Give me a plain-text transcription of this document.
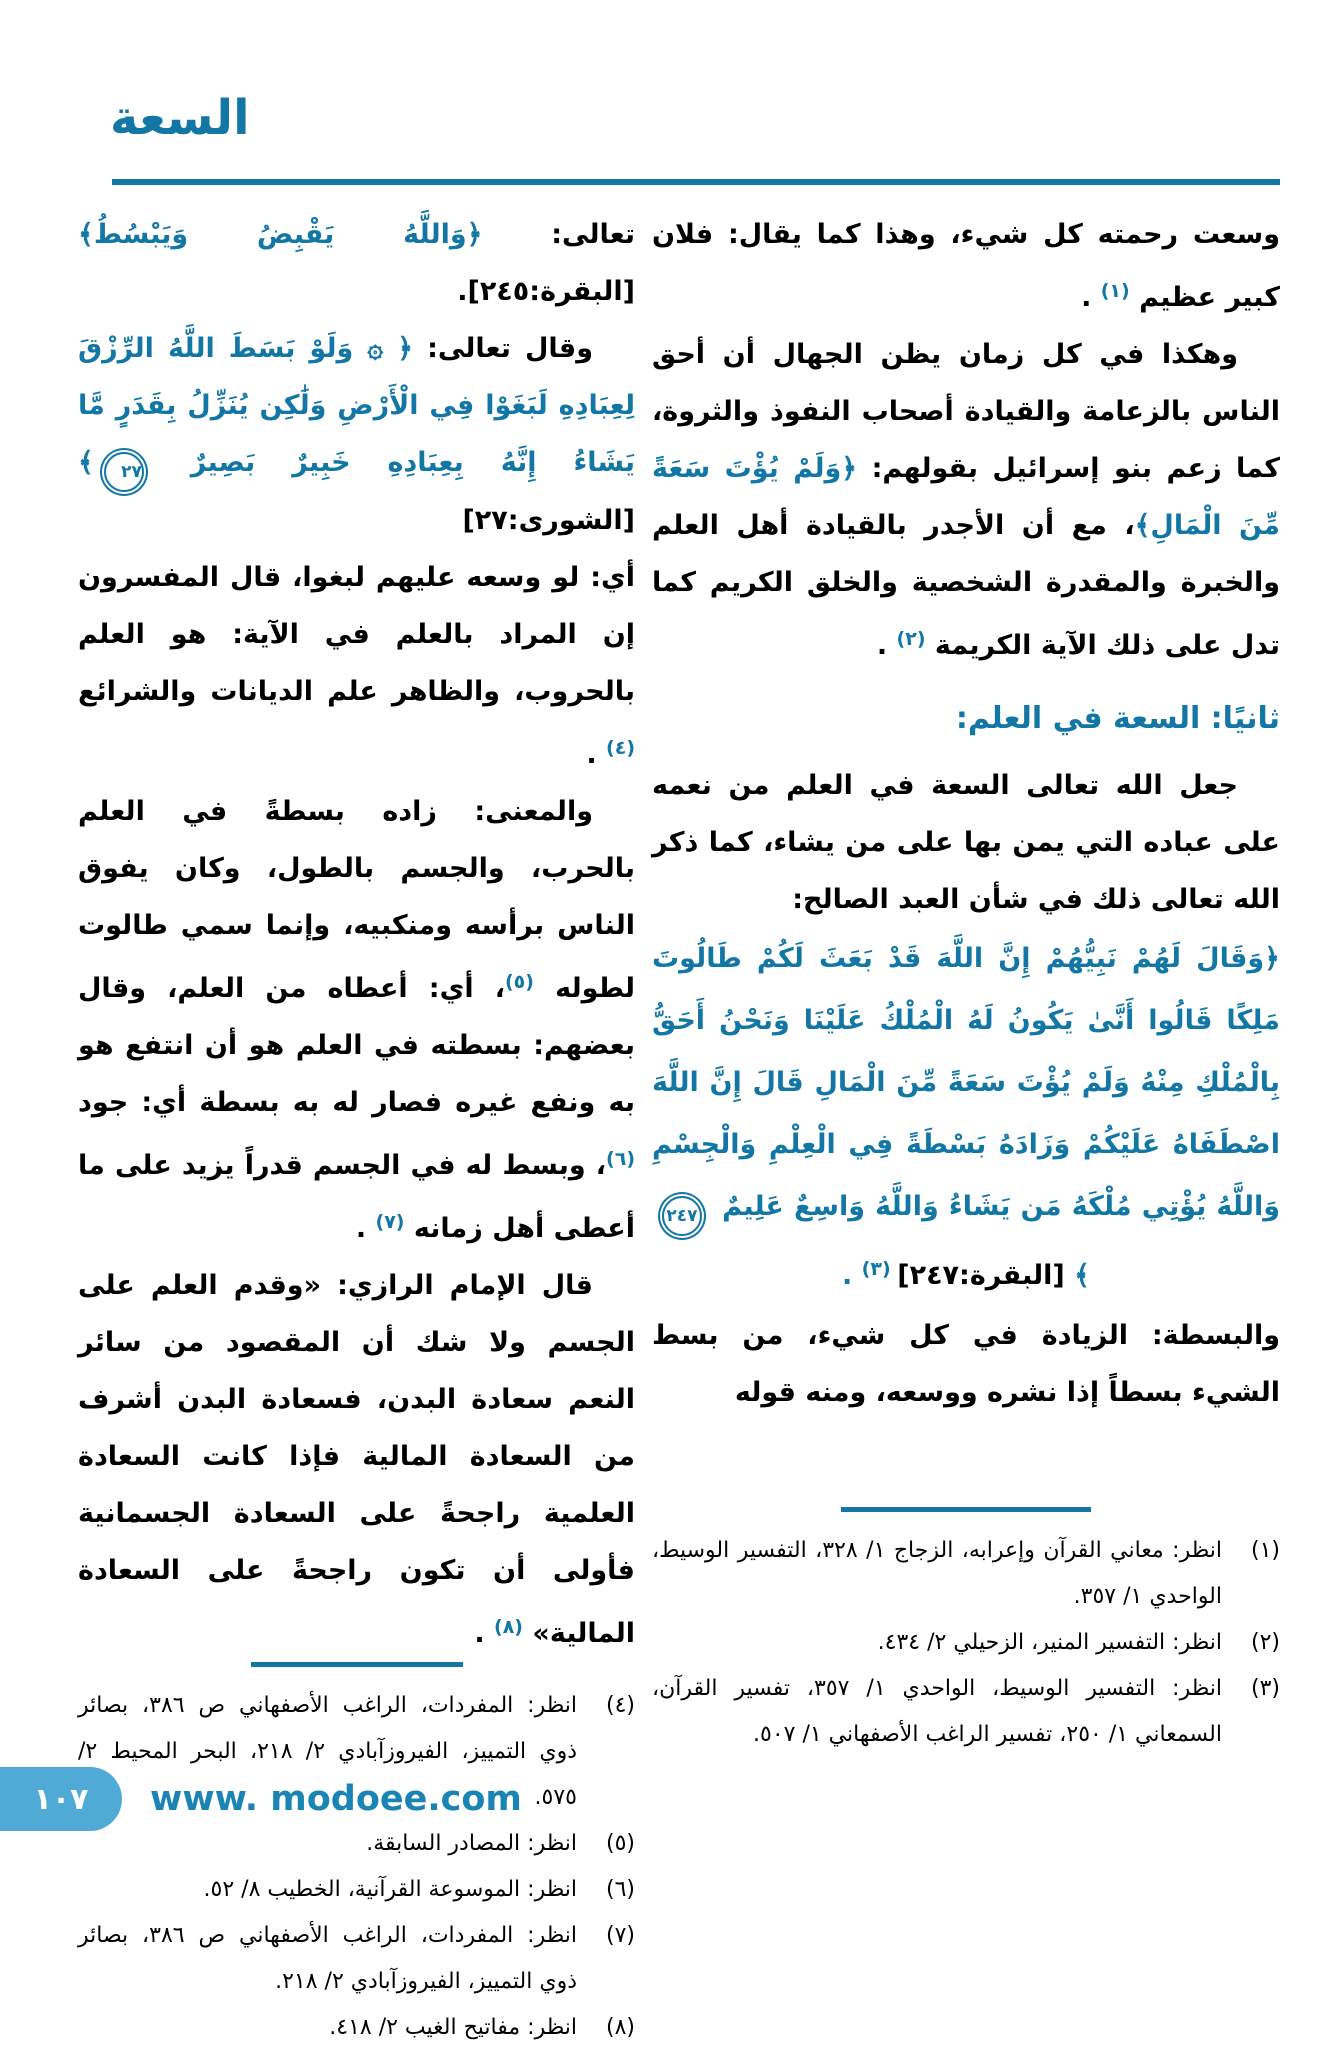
السعة

وسعت رحمته كل شيء، وهذا كما يقال: فلان كبير عظيم $^{(١)}$ .

وهكذا في كل زمان يظن الجهال أن أحق الناس بالزعامة والقيادة أصحاب النفوذ والثروة، كما زعم بنو إسرائيل بقولهم: ﴿وَلَمْ يُؤْتَ سَعَةً مِّنَ الْمَالِ﴾، مع أن الأجدر بالقيادة أهل العلم والخبرة والمقدرة الشخصية والخلق الكريم كما تدل على ذلك الآية الكريمة $^{(٢)}$ .

ثانيًا: السعة في العلم:

جعل الله تعالى السعة في العلم من نعمه على عباده التي يمن بها على من يشاء، كما ذكر الله تعالى ذلك في شأن العبد الصالح:

﴿وَقَالَ لَهُمْ نَبِيُّهُمْ إِنَّ اللَّهَ قَدْ بَعَثَ لَكُمْ طَالُوتَ مَلِكًا قَالُوا أَنَّىٰ يَكُونُ لَهُ الْمُلْكُ عَلَيْنَا وَنَحْنُ أَحَقُّ بِالْمُلْكِ مِنْهُ وَلَمْ يُؤْتَ سَعَةً مِّنَ الْمَالِ قَالَ إِنَّ اللَّهَ اصْطَفَاهُ عَلَيْكُمْ وَزَادَهُ بَسْطَةً فِي الْعِلْمِ وَالْجِسْمِ وَاللَّهُ يُؤْتِي مُلْكَهُ مَن يَشَاءُ وَاللَّهُ وَاسِعٌ عَلِيمٌ ٢٤٧﴾ [البقرة:٢٤٧] $^{(٣)}$ .

والبسطة: الزيادة في كل شيء، من بسط الشيء بسطاً إذا نشره ووسعه، ومنه قوله

(١)انظر: معاني القرآن وإعرابه، الزجاج ١/ ٣٢٨، التفسير الوسيط، الواحدي ١/ ٣٥٧.

(٢)انظر: التفسير المنير، الزحيلي ٢/ ٤٣٤.

(٣)انظر: التفسير الوسيط، الواحدي ١/ ٣٥٧، تفسير القرآن، السمعاني ١/ ٢٥٠، تفسير الراغب الأصفهاني ١/ ٥٠٧.

تعالى: ﴿وَاللَّهُ يَقْبِضُ وَيَبْسُطُ﴾ [البقرة:٢٤٥].

وقال تعالى: ﴿ ۞ وَلَوْ بَسَطَ اللَّهُ الرِّزْقَ لِعِبَادِهِ لَبَغَوْا فِي الْأَرْضِ وَلَٰكِن يُنَزِّلُ بِقَدَرٍ مَّا يَشَاءُ إِنَّهُ بِعِبَادِهِ خَبِيرٌ بَصِيرٌ ٢٧﴾ [الشورى:٢٧]

أي: لو وسعه عليهم لبغوا، قال المفسرون إن المراد بالعلم في الآية: هو العلم بالحروب، والظاهر علم الديانات والشرائع $^{(٤)}$ .

والمعنى: زاده بسطةً في العلم بالحرب، والجسم بالطول، وكان يفوق الناس برأسه ومنكبيه، وإنما سمي طالوت لطوله $^{(٥)}$، أي: أعطاه من العلم، وقال بعضهم: بسطته في العلم هو أن انتفع هو به ونفع غيره فصار له به بسطة أي: جود $^{(٦)}$، وبسط له في الجسم قدراً يزيد على ما أعطى أهل زمانه $^{(٧)}$ .

قال الإمام الرازي: «وقدم العلم على الجسم ولا شك أن المقصود من سائر النعم سعادة البدن، فسعادة البدن أشرف من السعادة المالية فإذا كانت السعادة العلمية راجحةً على السعادة الجسمانية فأولى أن تكون راجحةً على السعادة المالية» $^{(٨)}$ .

(٤)انظر: المفردات، الراغب الأصفهاني ص ٣٨٦، بصائر ذوي التمييز، الفيروزآبادي ٢/ ٢١٨، البحر المحيط ٢/ ٥٧٥.

(٥)انظر: المصادر السابقة.

(٦)انظر: الموسوعة القرآنية، الخطيب ٨/ ٥٢.

(٧)انظر: المفردات، الراغب الأصفهاني ص ٣٨٦، بصائر ذوي التمييز، الفيروزآبادي ٢/ ٢١٨.

(٨)انظر: مفاتيح الغيب ٢/ ٤١٨.

١٠٧ www. modoee.com
